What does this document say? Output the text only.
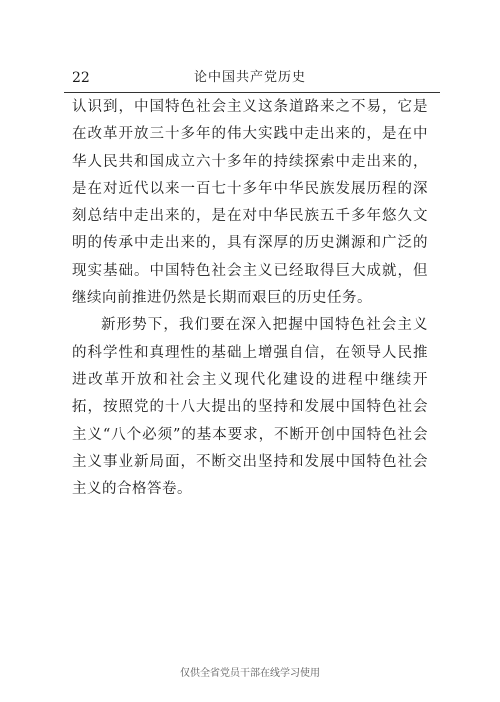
22	论中国共产党历史

认识到，中国特色社会主义这条道路来之不易，它是在改革开放三十多年的伟大实践中走出来的，是在中华人民共和国成立六十多年的持续探索中走出来的，是在对近代以来一百七十多年中华民族发展历程的深刻总结中走出来的，是在对中华民族五千多年悠久文明的传承中走出来的，具有深厚的历史渊源和广泛的现实基础。中国特色社会主义已经取得巨大成就，但继续向前推进仍然是长期而艰巨的历史任务。

新形势下，我们要在深入把握中国特色社会主义的科学性和真理性的基础上增强自信，在领导人民推进改革开放和社会主义现代化建设的进程中继续开拓，按照党的十八大提出的坚持和发展中国特色社会主义“八个必须”的基本要求，不断开创中国特色社会主义事业新局面，不断交出坚持和发展中国特色社会主义的合格答卷。

仅供全省党员干部在线学习使用
